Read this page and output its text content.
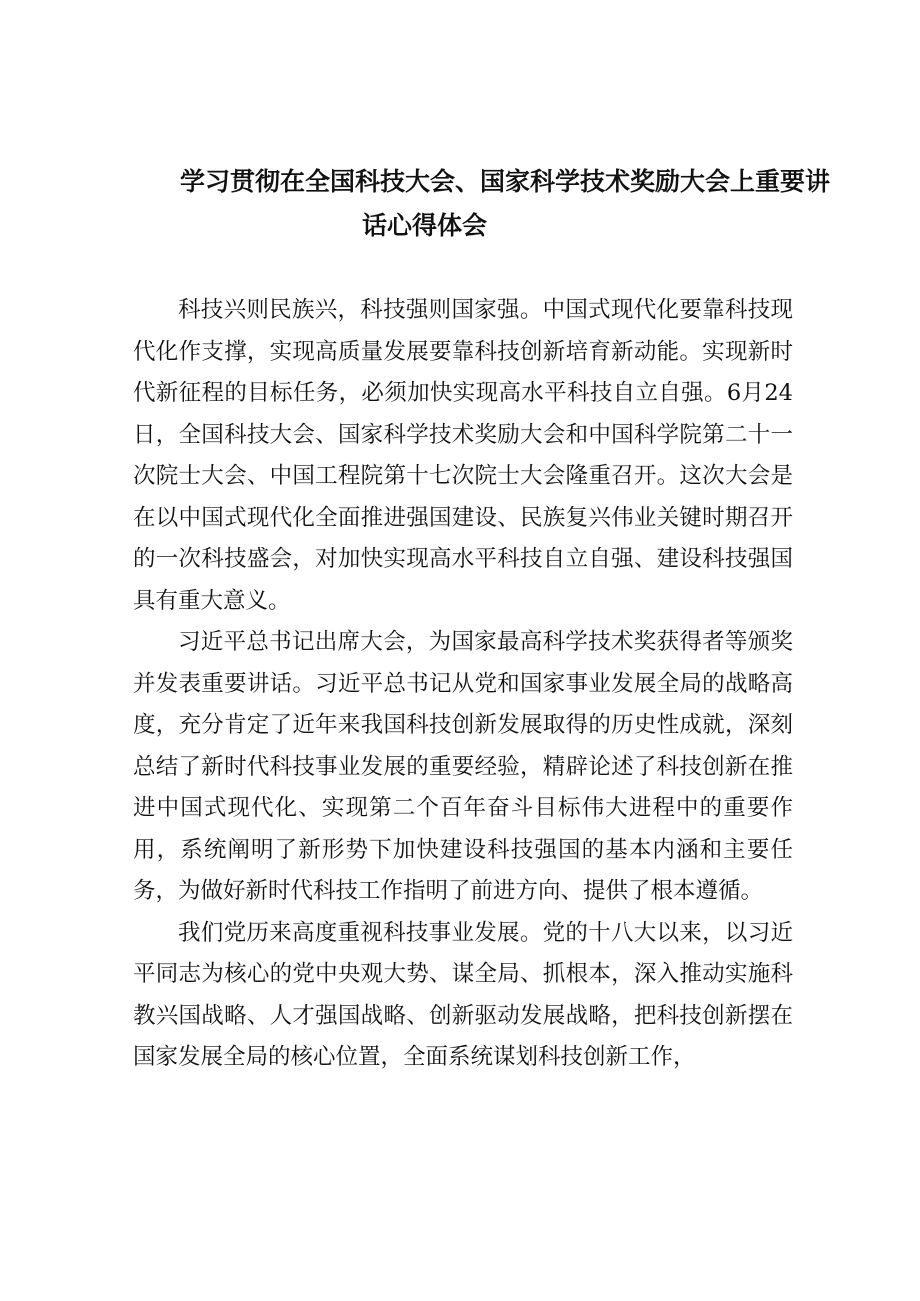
学习贯彻在全国科技大会、国家科学技术奖励大会上重要讲
话心得体会

科技兴则民族兴，科技强则国家强。中国式现代化要靠科技现代化作支撑，实现高质量发展要靠科技创新培育新动能。实现新时代新征程的目标任务，必须加快实现高水平科技自立自强。6月24日，全国科技大会、国家科学技术奖励大会和中国科学院第二十一次院士大会、中国工程院第十七次院士大会隆重召开。这次大会是在以中国式现代化全面推进强国建设、民族复兴伟业关键时期召开的一次科技盛会，对加快实现高水平科技自立自强、建设科技强国具有重大意义。

习近平总书记出席大会，为国家最高科学技术奖获得者等颁奖并发表重要讲话。习近平总书记从党和国家事业发展全局的战略高度，充分肯定了近年来我国科技创新发展取得的历史性成就，深刻总结了新时代科技事业发展的重要经验，精辟论述了科技创新在推进中国式现代化、实现第二个百年奋斗目标伟大进程中的重要作用，系统阐明了新形势下加快建设科技强国的基本内涵和主要任务，为做好新时代科技工作指明了前进方向、提供了根本遵循。

我们党历来高度重视科技事业发展。党的十八大以来，以习近平同志为核心的党中央观大势、谋全局、抓根本，深入推动实施科教兴国战略、人才强国战略、创新驱动发展战略，把科技创新摆在国家发展全局的核心位置，全面系统谋划科技创新工作，
